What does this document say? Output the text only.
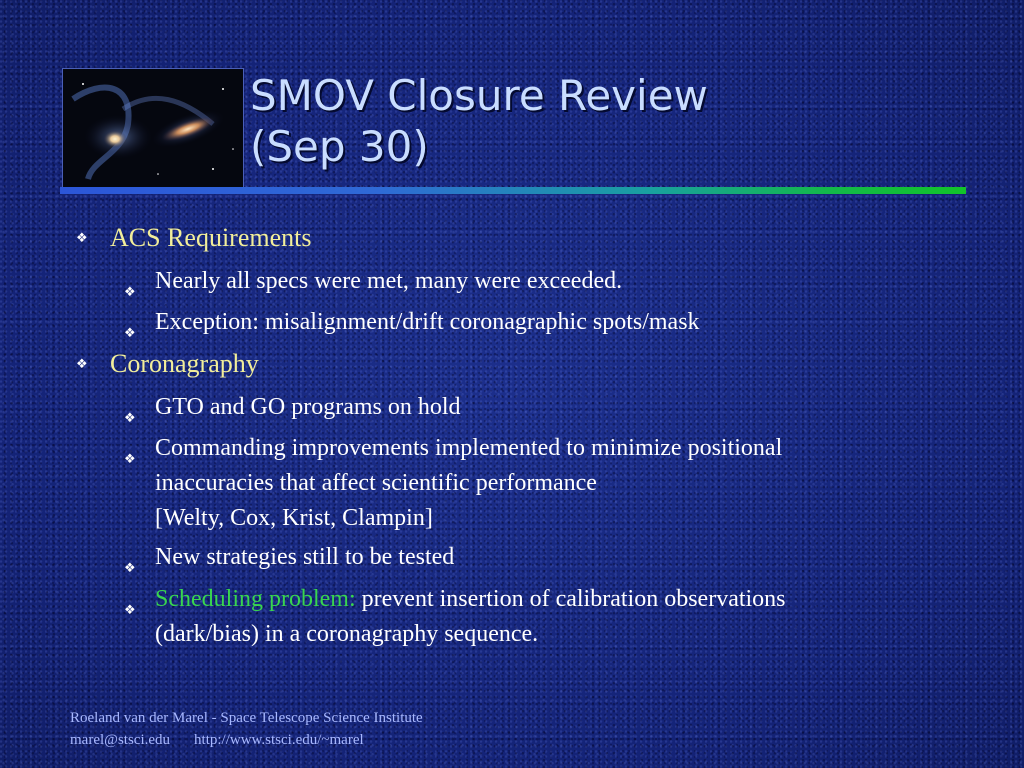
SMOV Closure Review
(Sep 30)
❖ ACS Requirements
❖ Nearly all specs were met, many were exceeded.
❖ Exception: misalignment/drift coronagraphic spots/mask
❖ Coronagraphy
❖ GTO and GO programs on hold
❖ Commanding improvements implemented to minimize positional inaccuracies that affect scientific performance
[Welty, Cox, Krist, Clampin]
❖ New strategies still to be tested
❖ Scheduling problem: prevent insertion of calibration observations (dark/bias) in a coronagraphy sequence.
Roeland van der Marel - Space Telescope Science Institute
marel@stsci.edu http://www.stsci.edu/~marel
